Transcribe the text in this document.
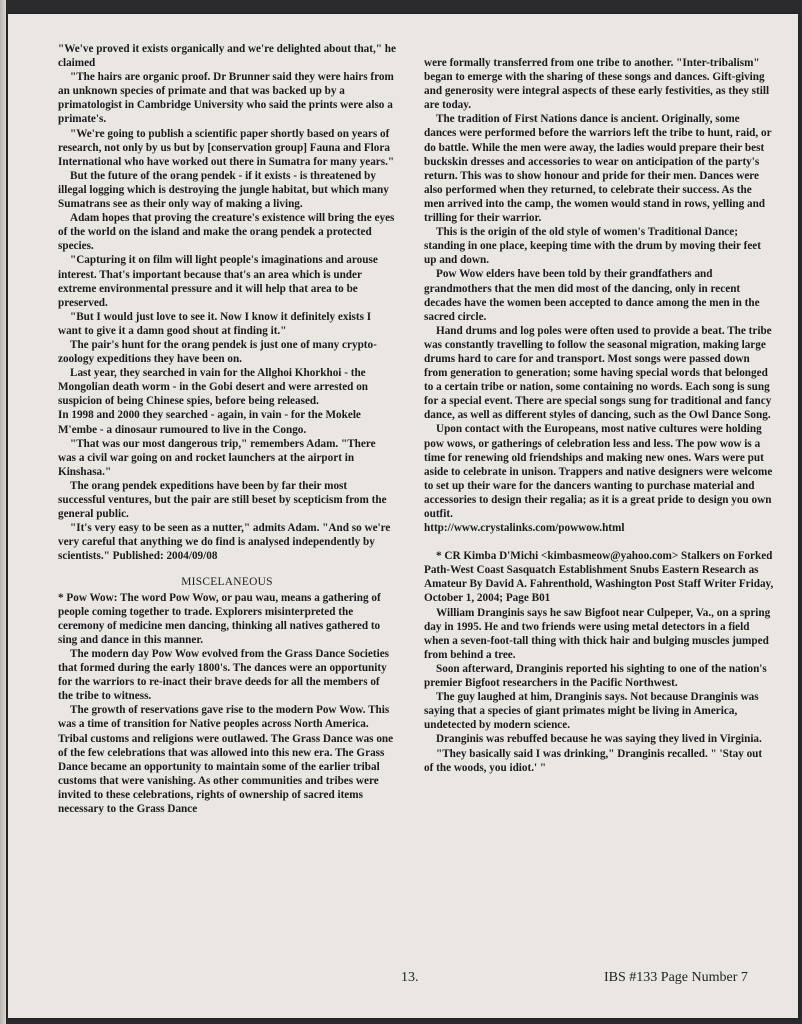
"We've proved it exists organically and we're delighted about that," he claimed

"The hairs are organic proof. Dr Brunner said they were hairs from an unknown species of primate and that was backed up by a primatologist in Cambridge University who said the prints were also a primate's.

"We're going to publish a scientific paper shortly based on years of research, not only by us but by [conservation group] Fauna and Flora International who have worked out there in Sumatra for many years."

But the future of the orang pendek - if it exists - is threatened by illegal logging which is destroying the jungle habitat, but which many Sumatrans see as their only way of making a living.

Adam hopes that proving the creature's existence will bring the eyes of the world on the island and make the orang pendek a protected species.

"Capturing it on film will light people's imaginations and arouse interest. That's important because that's an area which is under extreme environmental pressure and it will help that area to be preserved.

"But I would just love to see it. Now I know it definitely exists I want to give it a damn good shout at finding it."

The pair's hunt for the orang pendek is just one of many crypto-zoology expeditions they have been on.

Last year, they searched in vain for the Allghoi Khorkhoi - the Mongolian death worm - in the Gobi desert and were arrested on suspicion of being Chinese spies, before being released.

In 1998 and 2000 they searched - again, in vain - for the Mokele M'embe - a dinosaur rumoured to live in the Congo.

"That was our most dangerous trip," remembers Adam. "There was a civil war going on and rocket launchers at the airport in Kinshasa."

The orang pendek expeditions have been by far their most successful ventures, but the pair are still beset by scepticism from the general public.

"It's very easy to be seen as a nutter," admits Adam. "And so we're very careful that anything we do find is analysed independently by scientists." Published: 2004/09/08

MISCELANEOUS

* Pow Wow: The word Pow Wow, or pau wau, means a gathering of people coming together to trade. Explorers misinterpreted the ceremony of medicine men dancing, thinking all natives gathered to sing and dance in this manner.

The modern day Pow Wow evolved from the Grass Dance Societies that formed during the early 1800's. The dances were an opportunity for the warriors to re-inact their brave deeds for all the members of the tribe to witness.

The growth of reservations gave rise to the modern Pow Wow. This was a time of transition for Native peoples across North America. Tribal customs and religions were outlawed. The Grass Dance was one of the few celebrations that was allowed into this new era. The Grass Dance became an opportunity to maintain some of the earlier tribal customs that were vanishing. As other communities and tribes were invited to these celebrations, rights of ownership of sacred items necessary to the Grass Dance

were formally transferred from one tribe to another. "Inter-tribalism" began to emerge with the sharing of these songs and dances. Gift-giving and generosity were integral aspects of these early festivities, as they still are today.

The tradition of First Nations dance is ancient. Originally, some dances were performed before the warriors left the tribe to hunt, raid, or do battle. While the men were away, the ladies would prepare their best buckskin dresses and accessories to wear on anticipation of the party's return. This was to show honour and pride for their men. Dances were also performed when they returned, to celebrate their success. As the men arrived into the camp, the women would stand in rows, yelling and trilling for their warrior.

This is the origin of the old style of women's Traditional Dance; standing in one place, keeping time with the drum by moving their feet up and down.

Pow Wow elders have been told by their grandfathers and grandmothers that the men did most of the dancing, only in recent decades have the women been accepted to dance among the men in the sacred circle.

Hand drums and log poles were often used to provide a beat. The tribe was constantly travelling to follow the seasonal migration, making large drums hard to care for and transport. Most songs were passed down from generation to generation; some having special words that belonged to a certain tribe or nation, some containing no words. Each song is sung for a special event. There are special songs sung for traditional and fancy dance, as well as different styles of dancing, such as the Owl Dance Song.

Upon contact with the Europeans, most native cultures were holding pow wows, or gatherings of celebration less and less. The pow wow is a time for renewing old friendships and making new ones. Wars were put aside to celebrate in unison. Trappers and native designers were welcome to set up their ware for the dancers wanting to purchase material and accessories to design their regalia; as it is a great pride to design you own outfit.

http://www.crystalinks.com/powwow.html

* CR Kimba D'Michi <kimbasmeow@yahoo.com> Stalkers on Forked Path-West Coast Sasquatch Establishment Snubs Eastern Research as Amateur By David A. Fahrenthold, Washington Post Staff Writer Friday, October 1, 2004; Page B01

William Dranginis says he saw Bigfoot near Culpeper, Va., on a spring day in 1995. He and two friends were using metal detectors in a field when a seven-foot-tall thing with thick hair and bulging muscles jumped from behind a tree.

Soon afterward, Dranginis reported his sighting to one of the nation's premier Bigfoot researchers in the Pacific Northwest.

The guy laughed at him, Dranginis says. Not because Dranginis was saying that a species of giant primates might be living in America, undetected by modern science.

Dranginis was rebuffed because he was saying they lived in Virginia.

"They basically said I was drinking," Dranginis recalled. " 'Stay out of the woods, you idiot.' "

13.	IBS #133 Page Number 7
